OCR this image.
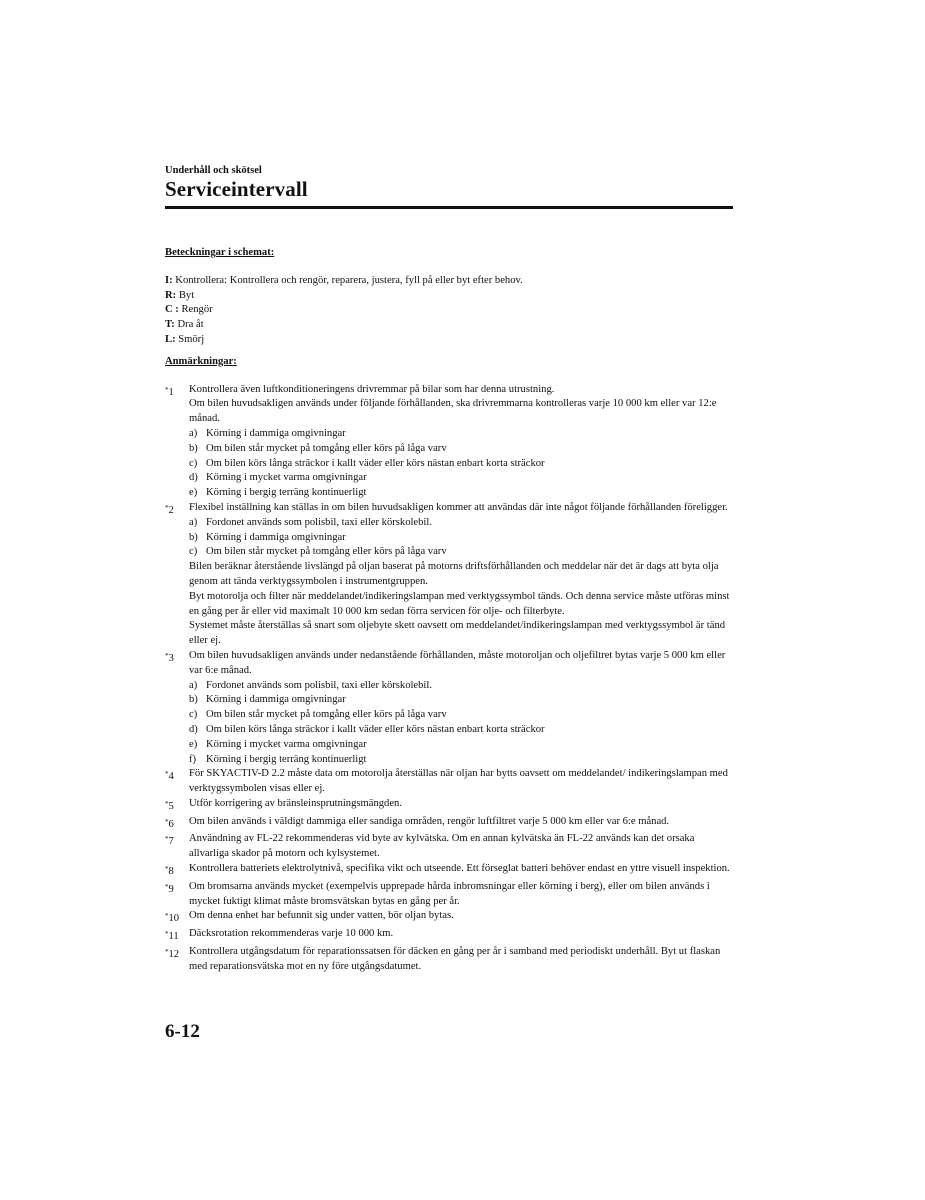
Underhåll och skötsel
Serviceintervall
Beteckningar i schemat:
I: Kontrollera: Kontrollera och rengör, reparera, justera, fyll på eller byt efter behov.
R: Byt
C : Rengör
T: Dra åt
L: Smörj
Anmärkningar:
*1	Kontrollera även luftkonditioneringens drivremmar på bilar som har denna utrustning.
Om bilen huvudsakligen används under följande förhållanden, ska drivremmarna kontrolleras varje 10 000 km eller var 12:e månad.
a) Körning i dammiga omgivningar
b) Om bilen står mycket på tomgång eller körs på låga varv
c) Om bilen körs långa sträckor i kallt väder eller körs nästan enbart korta sträckor
d) Körning i mycket varma omgivningar
e) Körning i bergig terräng kontinuerligt
*2	Flexibel inställning kan ställas in om bilen huvudsakligen kommer att användas där inte något följande förhållanden föreligger.
a) Fordonet används som polisbil, taxi eller körskolebil.
b) Körning i dammiga omgivningar
c) Om bilen står mycket på tomgång eller körs på låga varv
Bilen beräknar återstående livslängd på oljan baserat på motorns driftsförhållanden och meddelar när det är dags att byta olja genom att tända verktygssymbolen i instrumentgruppen.
Byt motorolja och filter när meddelandet/indikeringslampan med verktygssymbol tänds. Och denna service måste utföras minst en gång per år eller vid maximalt 10 000 km sedan förra servicen för olje- och filterbyte.
Systemet måste återställas så snart som oljebyte skett oavsett om meddelandet/indikeringslampan med verktygssymbol är tänd eller ej.
*3	Om bilen huvudsakligen används under nedanstående förhållanden, måste motoroljan och oljefiltret bytas varje 5 000 km eller var 6:e månad.
a) Fordonet används som polisbil, taxi eller körskolebil.
b) Körning i dammiga omgivningar
c) Om bilen står mycket på tomgång eller körs på låga varv
d) Om bilen körs långa sträckor i kallt väder eller körs nästan enbart korta sträckor
e) Körning i mycket varma omgivningar
f) Körning i bergig terräng kontinuerligt
*4	För SKYACTIV-D 2.2 måste data om motorolja återställas när oljan har bytts oavsett om meddelandet/ indikeringslampan med verktygssymbolen visas eller ej.
*5	Utför korrigering av bränsleinsprutningsmängden.
*6	Om bilen används i väldigt dammiga eller sandiga områden, rengör luftfiltret varje 5 000 km eller var 6:e månad.
*7	Användning av FL-22 rekommenderas vid byte av kylvätska. Om en annan kylvätska än FL-22 används kan det orsaka allvarliga skador på motorn och kylsystemet.
*8	Kontrollera batteriets elektrolytnivå, specifika vikt och utseende. Ett förseglat batteri behöver endast en yttre visuell inspektion.
*9	Om bromsarna används mycket (exempelvis upprepade hårda inbromsningar eller körning i berg), eller om bilen används i mycket fuktigt klimat måste bromsvätskan bytas en gång per år.
*10 Om denna enhet har befunnit sig under vatten, bör oljan bytas.
*11 Däcksrotation rekommenderas varje 10 000 km.
*12 Kontrollera utgångsdatum för reparationssatsen för däcken en gång per år i samband med periodiskt underhåll. Byt ut flaskan med reparationsvätska mot en ny före utgångsdatumet.
6-12
